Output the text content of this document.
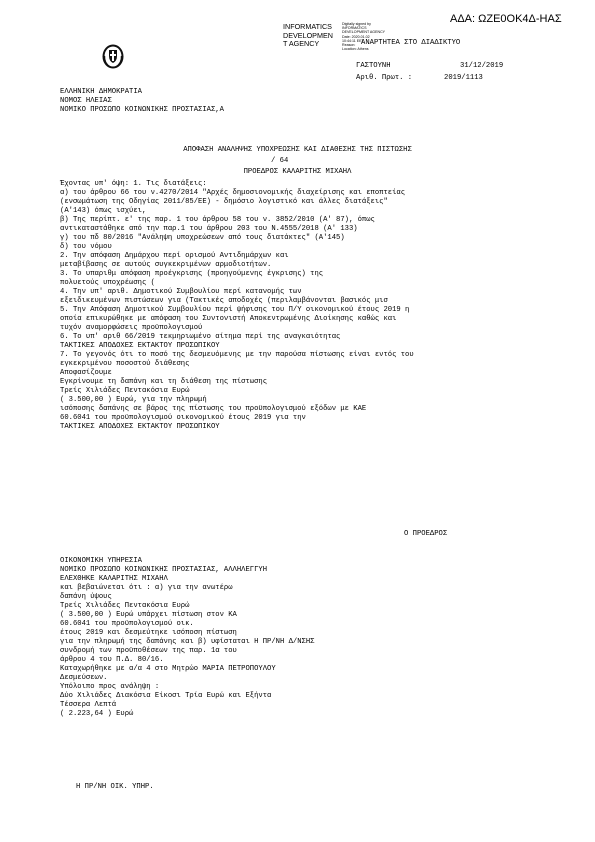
ΑΔΑ: ΩΖΕ0ΟΚ4Δ-ΗΑΣ
INFORMATICS
DEVELOPMEN
T AGENCY
Digitally signed by
INFORMATICS
DEVELOPMENT AGENCY
Date: 2020.01.02
10:44:11 EET
Reason:
Location: Athens
ΑΝΑΡΤΗΤΕΑ ΣΤΟ ΔΙΑΔΙΚΤΥΟ
ΓΑΣΤΟΥΝΗ	31/12/2019
Αριθ. Πρωτ. :	2019/1113
ΕΛΛΗΝΙΚΗ ΔΗΜΟΚΡΑΤΙΑ
ΝΟΜΟΣ ΗΛΕΙΑΣ
ΝΟΜΙΚΟ ΠΡΟΣΩΠΟ ΚΟΙΝΩΝΙΚΗΣ ΠΡΟΣΤΑΣΙΑΣ,Α
ΑΠΟΦΑΣΗ ΑΝΑΛΗΨΗΣ ΥΠΟΧΡΕΩΣΗΣ ΚΑΙ ΔΙΑΘΕΣΗΣ ΤΗΣ ΠΙΣΤΩΣΗΣ
/ 64
ΠΡΟΕΔΡΟΣ ΚΑΛΑΡΙΤΗΣ ΜΙΧΑΗΛ
Έχοντας υπ' όψη: 1. Τις διατάξεις:
α) του άρθρου 66 του ν.4270/2014 "Αρχές δημοσιονομικής διαχείρισης και εποπτείας
(ενσωμάτωση της Οδηγίας 2011/85/ΕΕ) - δημόσιο λογιστικό και άλλες διατάξεις"
(Α'143) όπως ισχύει,
β) Της περίπτ. ε' της παρ. 1 του άρθρου 58 του ν. 3852/2010 (Α' 87), όπως
αντικαταστάθηκε από την παρ.1 του άρθρου 203 του Ν.4555/2018 (Α' 133)
γ) του πδ 80/2016 "Ανάληψη υποχρεώσεων από τους διατάκτες" (Α'145)
δ) του νόμου
2. Την απόφαση Δημάρχου περί ορισμού Αντιδημάρχων και
μεταβίβασης σε αυτούς συγκεκριμένων αρμοδιοτήτων.
3. Το υπαριθμ απόφαση προέγκρισης (προηγούμενης έγκρισης) της
πολυετούς υποχρέωσης (
4. Την υπ' αριθ. Δημοτικού Συμβουλίου περί κατανομής των
εξειδικευμένων πιστώσεων για (Τακτικές αποδοχές (περιλαμβάνονται βασικός μισ
5. Την Απόφαση Δημοτικού Συμβουλίου περί ψήφισης του Π/Υ οικονομικού έτους 2019 η
οποία επικυρώθηκε με απόφαση του Συντονιστή Αποκεντρωμένης Διοίκησης καθώς και
τυχόν αναμορφώσεις προϋπολογισμού
6. Το υπ' αριθ 66/2019 τεκμηριωμένο αίτημα περί της αναγκαιότητας
ΤΑΚΤΙΚΕΣ ΑΠΟΔΟΧΕΣ ΕΚΤΑΚΤΟΥ ΠΡΟΣΩΠΙΚΟΥ
7. Το γεγονός ότι το ποσό της δεσμευόμενης με την παρούσα πίστωσης είναι εντός του
εγκεκριμένου ποσοστού διάθεσης
Αποφασίζουμε
Εγκρίνουμε τη δαπάνη και τη διάθεση της πίστωσης
Τρείς Χιλιάδες Πεντακόσια Ευρώ
( 3.500,00 ) Ευρώ, για την πληρωμή
ισόποσης δαπάνης σε βάρος της πίστωσης του προϋπολογισμού εξόδων με ΚΑΕ
60.6041 του προϋπολογισμού οικονομικού έτους 2019 για την
ΤΑΚΤΙΚΕΣ ΑΠΟΔΟΧΕΣ ΕΚΤΑΚΤΟΥ ΠΡΟΣΩΠΙΚΟΥ
Ο ΠΡΟΕΔΡΟΣ
ΟΙΚΟΝΟΜΙΚΗ ΥΠΗΡΕΣΙΑ
ΝΟΜΙΚΟ ΠΡΟΣΩΠΟ ΚΟΙΝΩΝΙΚΗΣ ΠΡΟΣΤΑΣΙΑΣ, ΑΛΛΗΛΕΓΓΥΗ
ΕΛΕΧΘΗΚΕ ΚΑΛΑΡΙΤΗΣ ΜΙΧΑΗΛ
και βεβαιώνεται ότι : α) για την ανωτέρω
δαπάνη ύψους
Τρείς Χιλιάδες Πεντακόσια Ευρώ
( 3.500,00 ) Ευρώ υπάρχει πίστωση στον ΚΑ
60.6041 του προϋπολογισμού οικ.
έτους 2019 και δεσμεύτηκε ισόποση πίστωση
για την πληρωμή της δαπάνης και β) υφίσταται Η ΠΡ/ΝΗ Δ/ΝΣΗΣ
συνδρομή των προϋποθέσεων της παρ. 1α του
άρθρου 4 του Π.Δ. 80/16.
Καταχωρήθηκε με α/α 4 στο Μητρώο ΜΑΡΙΑ ΠΕΤΡΟΠΟΥΛΟΥ
Δεσμεύσεων.
Υπόλοιπο προς ανάληψη :
Δύο Χιλιάδες Διακόσια Είκοσι Τρία Ευρώ και Εξήντα
Τέσσερα Λεπτά
( 2.223,64 ) Ευρώ
Η ΠΡ/ΝΗ ΟΙΚ. ΥΠΗΡ.
